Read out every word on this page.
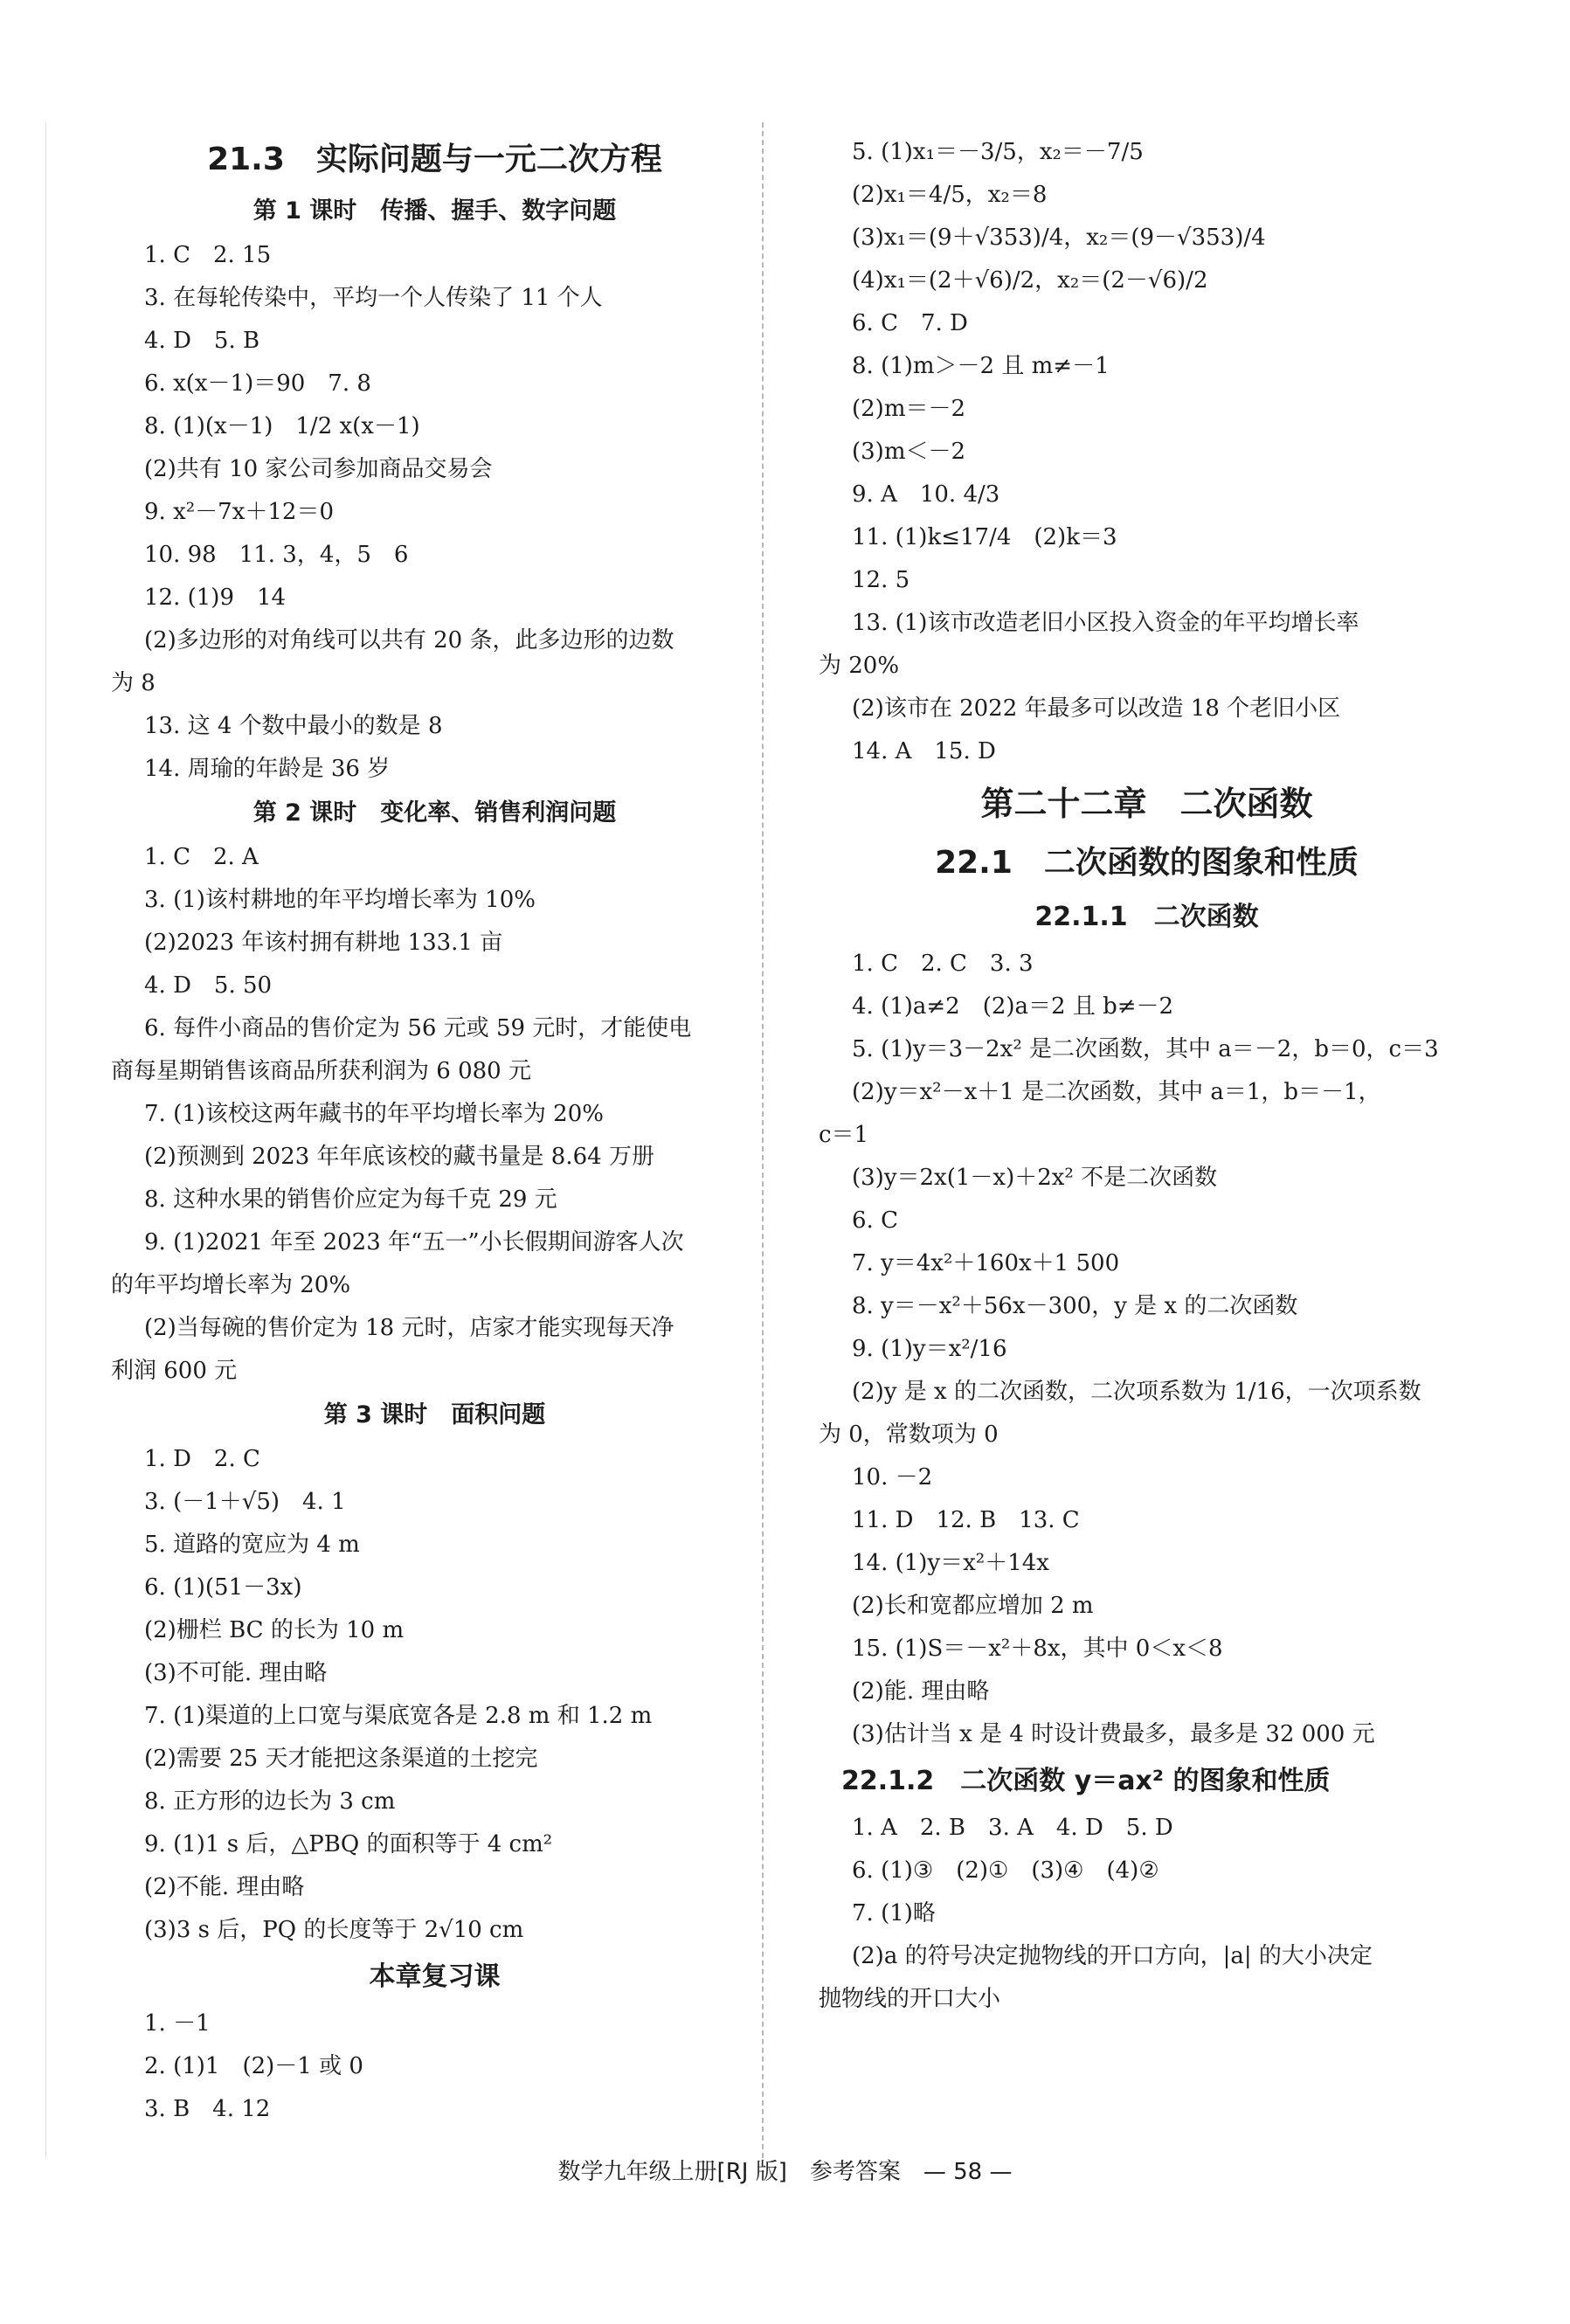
21.3　实际问题与一元二次方程
第 1 课时　传播、握手、数字问题
1. C　2. 15
3. 在每轮传染中，平均一个人传染了 11 个人
4. D　5. B
6. x(x－1)＝90　7. 8
8. (1)(x－1)　1/2 x(x－1)
(2)共有 10 家公司参加商品交易会
9. x²－7x＋12＝0
10. 98　11. 3，4，5　6
12. (1)9　14
(2)多边形的对角线可以共有 20 条，此多边形的边数
为 8
13. 这 4 个数中最小的数是 8
14. 周瑜的年龄是 36 岁
第 2 课时　变化率、销售利润问题
1. C　2. A
3. (1)该村耕地的年平均增长率为 10%
(2)2023 年该村拥有耕地 133.1 亩
4. D　5. 50
6. 每件小商品的售价定为 56 元或 59 元时，才能使电
商每星期销售该商品所获利润为 6 080 元
7. (1)该校这两年藏书的年平均增长率为 20%
(2)预测到 2023 年年底该校的藏书量是 8.64 万册
8. 这种水果的销售价应定为每千克 29 元
9. (1)2021 年至 2023 年“五一”小长假期间游客人次
的年平均增长率为 20%
(2)当每碗的售价定为 18 元时，店家才能实现每天净
利润 600 元
第 3 课时　面积问题
1. D　2. C
3. (－1＋√5)　4. 1
5. 道路的宽应为 4 m
6. (1)(51－3x)
(2)栅栏 BC 的长为 10 m
(3)不可能. 理由略
7. (1)渠道的上口宽与渠底宽各是 2.8 m 和 1.2 m
(2)需要 25 天才能把这条渠道的土挖完
8. 正方形的边长为 3 cm
9. (1)1 s 后，△PBQ 的面积等于 4 cm²
(2)不能. 理由略
(3)3 s 后，PQ 的长度等于 2√10 cm
本章复习课
1. －1
2. (1)1　(2)－1 或 0
3. B　4. 12
5. (1)x₁＝－3/5，x₂＝－7/5
(2)x₁＝4/5，x₂＝8
(3)x₁＝(9＋√353)/4，x₂＝(9－√353)/4
(4)x₁＝(2＋√6)/2，x₂＝(2－√6)/2
6. C　7. D
8. (1)m＞－2 且 m≠－1
(2)m＝－2
(3)m＜－2
9. A　10. 4/3
11. (1)k≤17/4　(2)k＝3
12. 5
13. (1)该市改造老旧小区投入资金的年平均增长率
为 20%
(2)该市在 2022 年最多可以改造 18 个老旧小区
14. A　15. D
第二十二章　二次函数
22.1　二次函数的图象和性质
22.1.1　二次函数
1. C　2. C　3. 3
4. (1)a≠2　(2)a＝2 且 b≠－2
5. (1)y＝3－2x² 是二次函数，其中 a＝－2，b＝0，c＝3
(2)y＝x²－x＋1 是二次函数，其中 a＝1，b＝－1，
c＝1
(3)y＝2x(1－x)＋2x² 不是二次函数
6. C
7. y＝4x²＋160x＋1 500
8. y＝－x²＋56x－300，y 是 x 的二次函数
9. (1)y＝x²/16
(2)y 是 x 的二次函数，二次项系数为 1/16，一次项系数
为 0，常数项为 0
10. －2
11. D　12. B　13. C
14. (1)y＝x²＋14x
(2)长和宽都应增加 2 m
15. (1)S＝－x²＋8x，其中 0＜x＜8
(2)能. 理由略
(3)估计当 x 是 4 时设计费最多，最多是 32 000 元
22.1.2　二次函数 y＝ax² 的图象和性质
1. A　2. B　3. A　4. D　5. D
6. (1)③　(2)①　(3)④　(4)②
7. (1)略
(2)a 的符号决定抛物线的开口方向，|a| 的大小决定
抛物线的开口大小
数学九年级上册[RJ 版]　参考答案　— 58 —
